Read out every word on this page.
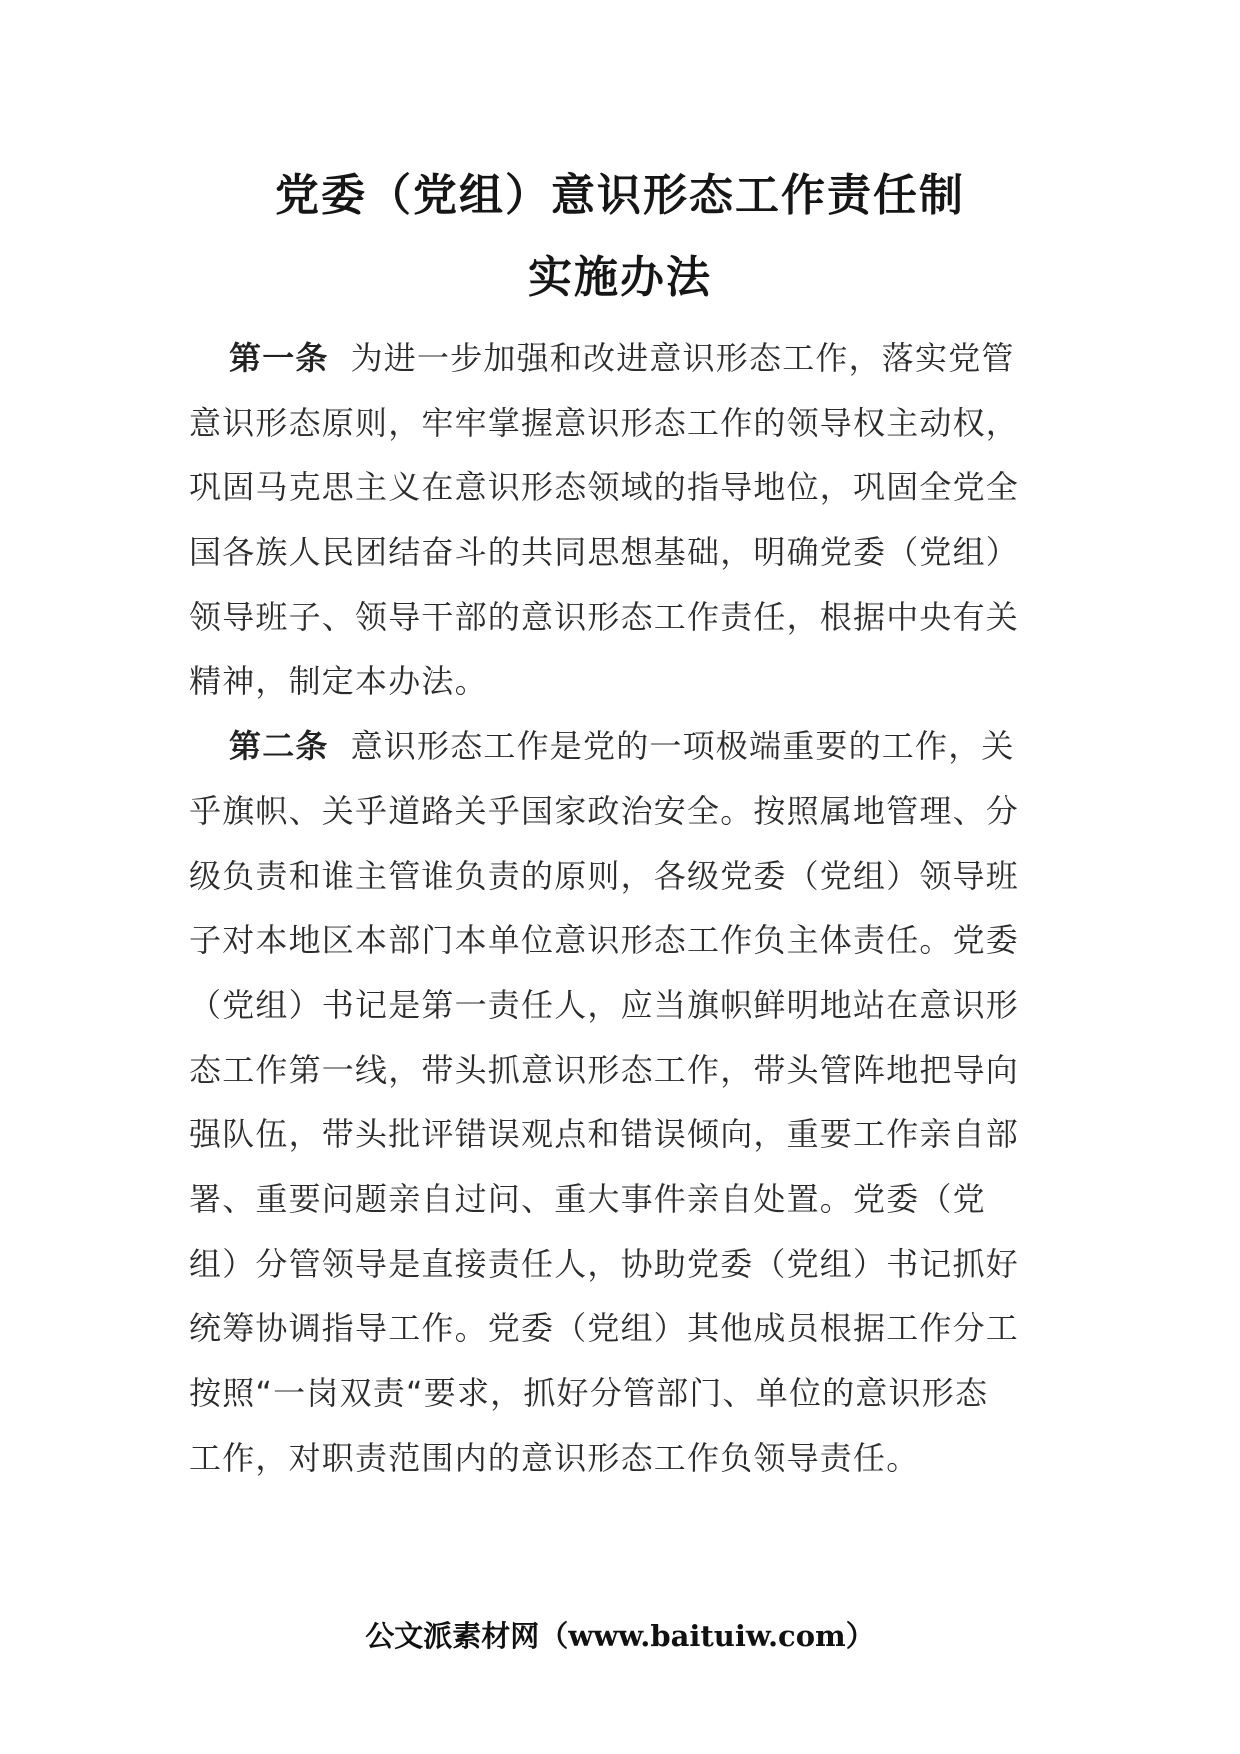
党委（党组）意识形态工作责任制
实施办法
第一条 为进一步加强和改进意识形态工作，落实党管
意识形态原则，牢牢掌握意识形态工作的领导权主动权，
巩固马克思主义在意识形态领域的指导地位，巩固全党全
国各族人民团结奋斗的共同思想基础，明确党委（党组）
领导班子、领导干部的意识形态工作责任，根据中央有关
精神，制定本办法。
第二条 意识形态工作是党的一项极端重要的工作，关
乎旗帜、关乎道路关乎国家政治安全。按照属地管理、分
级负责和谁主管谁负责的原则，各级党委（党组）领导班
子对本地区本部门本单位意识形态工作负主体责任。党委
（党组）书记是第一责任人，应当旗帜鲜明地站在意识形
态工作第一线，带头抓意识形态工作，带头管阵地把导向
强队伍，带头批评错误观点和错误倾向，重要工作亲自部
署、重要问题亲自过问、重大事件亲自处置。党委（党
组）分管领导是直接责任人，协助党委（党组）书记抓好
统筹协调指导工作。党委（党组）其他成员根据工作分工
按照“一岗双责“要求，抓好分管部门、单位的意识形态
工作，对职责范围内的意识形态工作负领导责任。
公文派素材网（www.baituiw.com）
